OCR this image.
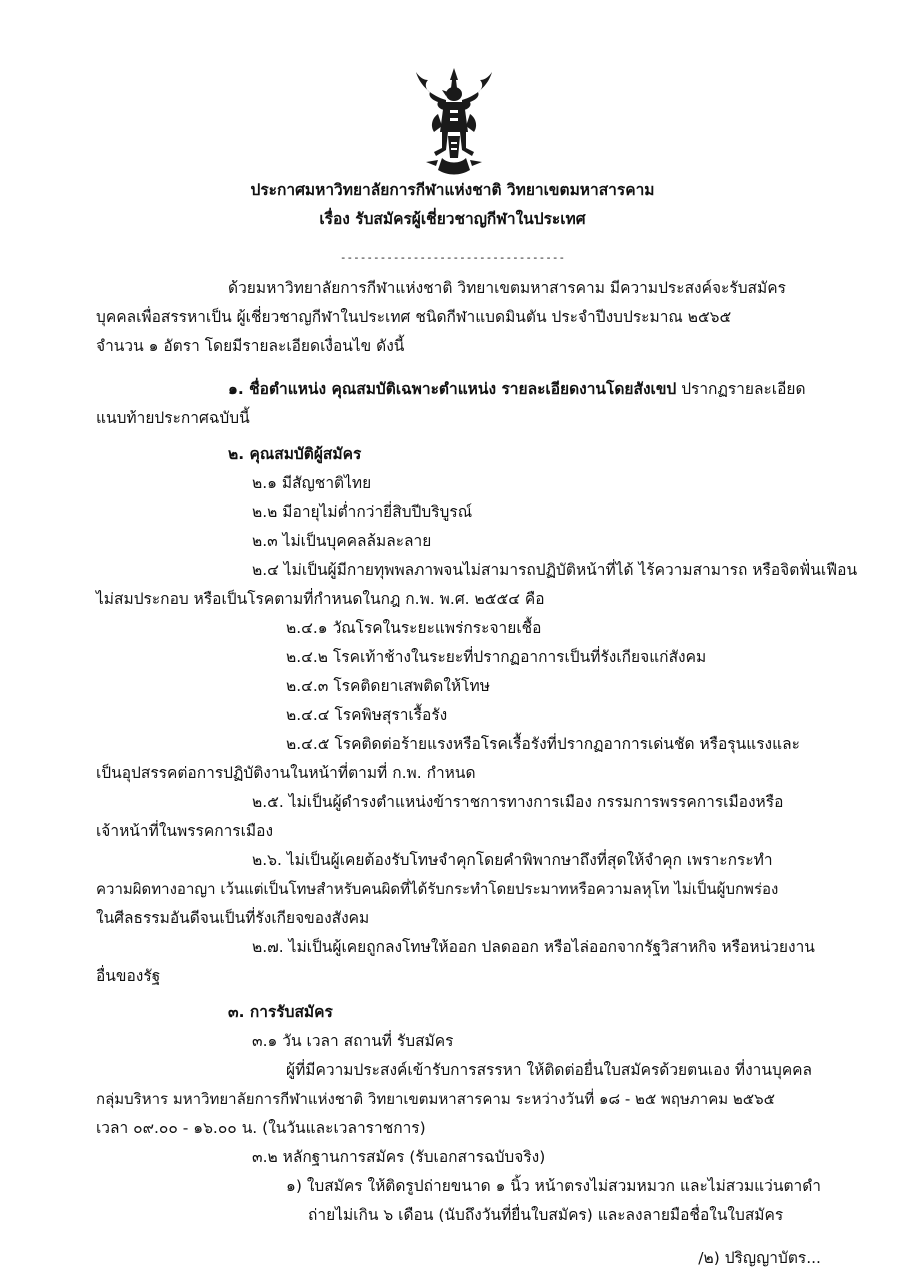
ประกาศมหาวิทยาลัยการกีฬาแห่งชาติ วิทยาเขตมหาสารคาม
เรื่อง รับสมัครผู้เชี่ยวชาญกีฬาในประเทศ
----------------------------------
ด้วยมหาวิทยาลัยการกีฬาแห่งชาติ วิทยาเขตมหาสารคาม มีความประสงค์จะรับสมัคร
บุคคลเพื่อสรรหาเป็น ผู้เชี่ยวชาญกีฬาในประเทศ ชนิดกีฬาแบดมินตัน ประจำปีงบประมาณ ๒๕๖๕
จำนวน ๑ อัตรา โดยมีรายละเอียดเงื่อนไข ดังนี้
๑. ชื่อตำแหน่ง คุณสมบัติเฉพาะตำแหน่ง รายละเอียดงานโดยสังเขป ปรากฏรายละเอียด
แนบท้ายประกาศฉบับนี้
๒. คุณสมบัติผู้สมัคร
๒.๑ มีสัญชาติไทย
๒.๒ มีอายุไม่ต่ำกว่ายี่สิบปีบริบูรณ์
๒.๓ ไม่เป็นบุคคลล้มละลาย
๒.๔ ไม่เป็นผู้มีกายทุพพลภาพจนไม่สามารถปฏิบัติหน้าที่ได้ ไร้ความสามารถ หรือจิตฟั่นเฟือน
ไม่สมประกอบ หรือเป็นโรคตามที่กำหนดในกฎ ก.พ. พ.ศ. ๒๕๕๔ คือ
๒.๔.๑ วัณโรคในระยะแพร่กระจายเชื้อ
๒.๔.๒ โรคเท้าช้างในระยะที่ปรากฏอาการเป็นที่รังเกียจแก่สังคม
๒.๔.๓ โรคติดยาเสพติดให้โทษ
๒.๔.๔ โรคพิษสุราเรื้อรัง
๒.๔.๕ โรคติดต่อร้ายแรงหรือโรคเรื้อรังที่ปรากฏอาการเด่นชัด หรือรุนแรงและ
เป็นอุปสรรคต่อการปฏิบัติงานในหน้าที่ตามที่ ก.พ. กำหนด
๒.๕. ไม่เป็นผู้ดำรงตำแหน่งข้าราชการทางการเมือง กรรมการพรรคการเมืองหรือ
เจ้าหน้าที่ในพรรคการเมือง
๒.๖. ไม่เป็นผู้เคยต้องรับโทษจำคุกโดยคำพิพากษาถึงที่สุดให้จำคุก เพราะกระทำ
ความผิดทางอาญา เว้นแต่เป็นโทษสำหรับคนผิดที่ได้รับกระทำโดยประมาทหรือความลหุโท ไม่เป็นผู้บกพร่อง
ในศีลธรรมอันดีจนเป็นที่รังเกียจของสังคม
๒.๗. ไม่เป็นผู้เคยถูกลงโทษให้ออก ปลดออก หรือไล่ออกจากรัฐวิสาหกิจ หรือหน่วยงาน
อื่นของรัฐ
๓. การรับสมัคร
๓.๑ วัน เวลา สถานที่ รับสมัคร
ผู้ที่มีความประสงค์เข้ารับการสรรหา ให้ติดต่อยื่นใบสมัครด้วยตนเอง ที่งานบุคคล
กลุ่มบริหาร มหาวิทยาลัยการกีฬาแห่งชาติ วิทยาเขตมหาสารคาม ระหว่างวันที่ ๑๘ - ๒๕ พฤษภาคม ๒๕๖๕
เวลา ๐๙.๐๐ - ๑๖.๐๐ น. (ในวันและเวลาราชการ)
๓.๒ หลักฐานการสมัคร (รับเอกสารฉบับจริง)
๑) ใบสมัคร ให้ติดรูปถ่ายขนาด ๑ นิ้ว หน้าตรงไม่สวมหมวก และไม่สวมแว่นตาดำ
ถ่ายไม่เกิน ๖ เดือน (นับถึงวันที่ยื่นใบสมัคร) และลงลายมือชื่อในใบสมัคร
/๒) ปริญญาบัตร...
